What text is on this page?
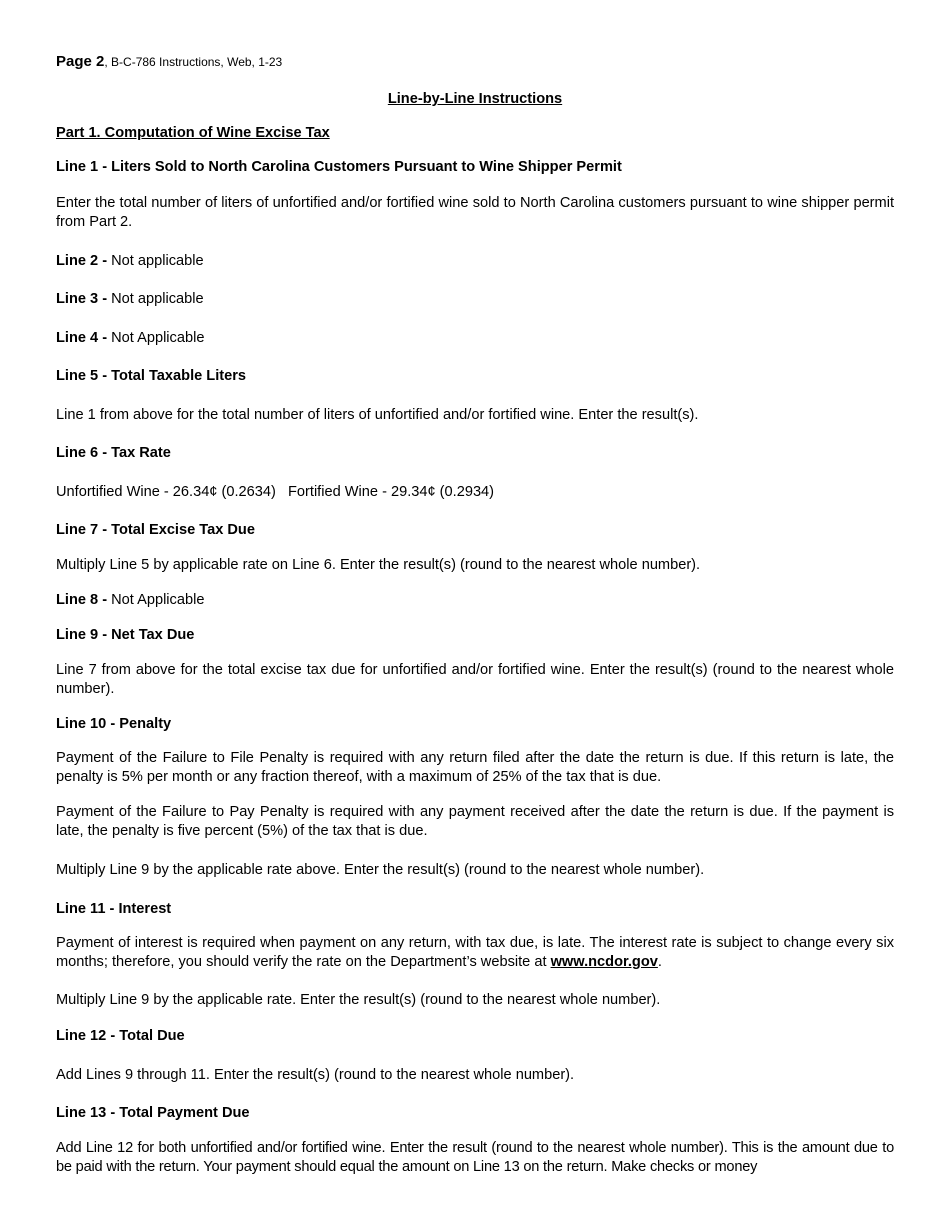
Page 2, B-C-786 Instructions, Web, 1-23
Line-by-Line Instructions
Part 1. Computation of Wine Excise Tax
Line 1 - Liters Sold to North Carolina Customers Pursuant to Wine Shipper Permit
Enter the total number of liters of unfortified and/or fortified wine sold to North Carolina customers pursuant to wine shipper permit from Part 2.
Line 2 - Not applicable
Line 3 - Not applicable
Line 4 - Not Applicable
Line 5 - Total Taxable Liters
Line 1 from above for the total number of liters of unfortified and/or fortified wine. Enter the result(s).
Line 6 - Tax Rate
Unfortified Wine - 26.34¢ (0.2634)   Fortified Wine - 29.34¢ (0.2934)
Line 7 - Total Excise Tax Due
Multiply Line 5 by applicable rate on Line 6. Enter the result(s) (round to the nearest whole number).
Line 8 - Not Applicable
Line 9 - Net Tax Due
Line 7 from above for the total excise tax due for unfortified and/or fortified wine. Enter the result(s) (round to the nearest whole number).
Line 10 - Penalty
Payment of the Failure to File Penalty is required with any return filed after the date the return is due. If this return is late, the penalty is 5% per month or any fraction thereof, with a maximum of 25% of the tax that is due.
Payment of the Failure to Pay Penalty is required with any payment received after the date the return is due. If the payment is late, the penalty is five percent (5%) of the tax that is due.
Multiply Line 9 by the applicable rate above. Enter the result(s) (round to the nearest whole number).
Line 11 - Interest
Payment of interest is required when payment on any return, with tax due, is late. The interest rate is subject to change every six months; therefore, you should verify the rate on the Department’s website at www.ncdor.gov.
Multiply Line 9 by the applicable rate. Enter the result(s) (round to the nearest whole number).
Line 12 - Total Due
Add Lines 9 through 11. Enter the result(s) (round to the nearest whole number).
Line 13 - Total Payment Due
Add Line 12 for both unfortified and/or fortified wine. Enter the result (round to the nearest whole number). This is the amount due to be paid with the return. Your payment should equal the amount on Line 13 on the return. Make checks or money
